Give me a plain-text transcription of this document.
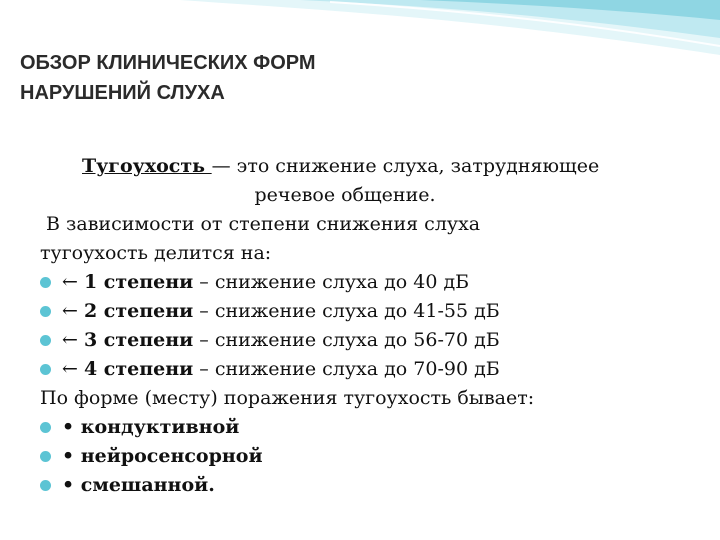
ОБЗОР КЛИНИЧЕСКИХ ФОРМ
НАРУШЕНИЙ СЛУХА
Тугоухость — это снижение слуха, затрудняющее
речевое общение.
В зависимости от степени снижения слуха
тугоухость делится на:
← 1 степени – снижение слуха до 40 дБ
← 2 степени – снижение слуха до 41-55 дБ
← 3 степени – снижение слуха до 56-70 дБ
← 4 степени – снижение слуха до 70-90 дБ
По форме (месту) поражения тугоухость бывает:
• кондуктивной
• нейросенсорной
• смешанной.
